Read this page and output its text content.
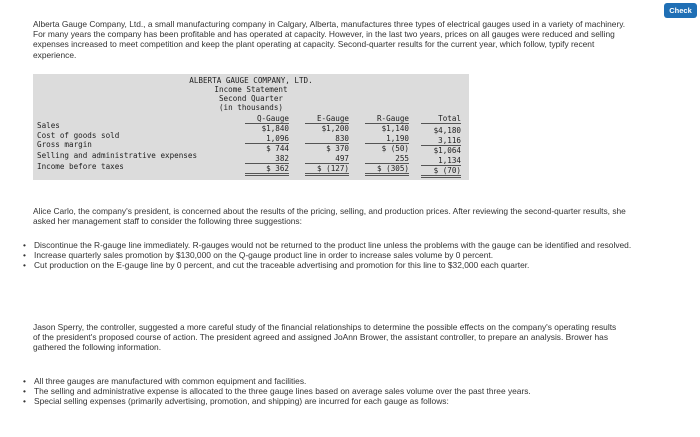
Check
Alberta Gauge Company, Ltd., a small manufacturing company in Calgary, Alberta, manufactures three types of electrical gauges used in a variety of machinery. For many years the company has been profitable and has operated at capacity. However, in the last two years, prices on all gauges were reduced and selling expenses increased to meet competition and keep the plant operating at capacity. Second-quarter results for the current year, which follow, typify recent experience.
ALBERTA GAUGE COMPANY, LTD.
Income Statement
Second Quarter
(in thousands)
Q-Gauge	E-Gauge	R-Gauge	Total
Sales	$1,840	$1,200	$1,140	$4,180
Cost of goods sold	1,096	830	1,190	3,116
Gross margin	$ 744	$ 370	$ (50)	$1,064
Selling and administrative expenses	382	497	255	1,134
Income before taxes	$ 362	$ (127)	$ (305)	$ (70)
Alice Carlo, the company's president, is concerned about the results of the pricing, selling, and production prices. After reviewing the second-quarter results, she asked her management staff to consider the following three suggestions:
• Discontinue the R-gauge line immediately. R-gauges would not be returned to the product line unless the problems with the gauge can be identified and resolved.
• Increase quarterly sales promotion by $130,000 on the Q-gauge product line in order to increase sales volume by 0 percent.
• Cut production on the E-gauge line by 0 percent, and cut the traceable advertising and promotion for this line to $32,000 each quarter.
Jason Sperry, the controller, suggested a more careful study of the financial relationships to determine the possible effects on the company's operating results of the president's proposed course of action. The president agreed and assigned JoAnn Brower, the assistant controller, to prepare an analysis. Brower has gathered the following information.
• All three gauges are manufactured with common equipment and facilities.
• The selling and administrative expense is allocated to the three gauge lines based on average sales volume over the past three years.
• Special selling expenses (primarily advertising, promotion, and shipping) are incurred for each gauge as follows:
